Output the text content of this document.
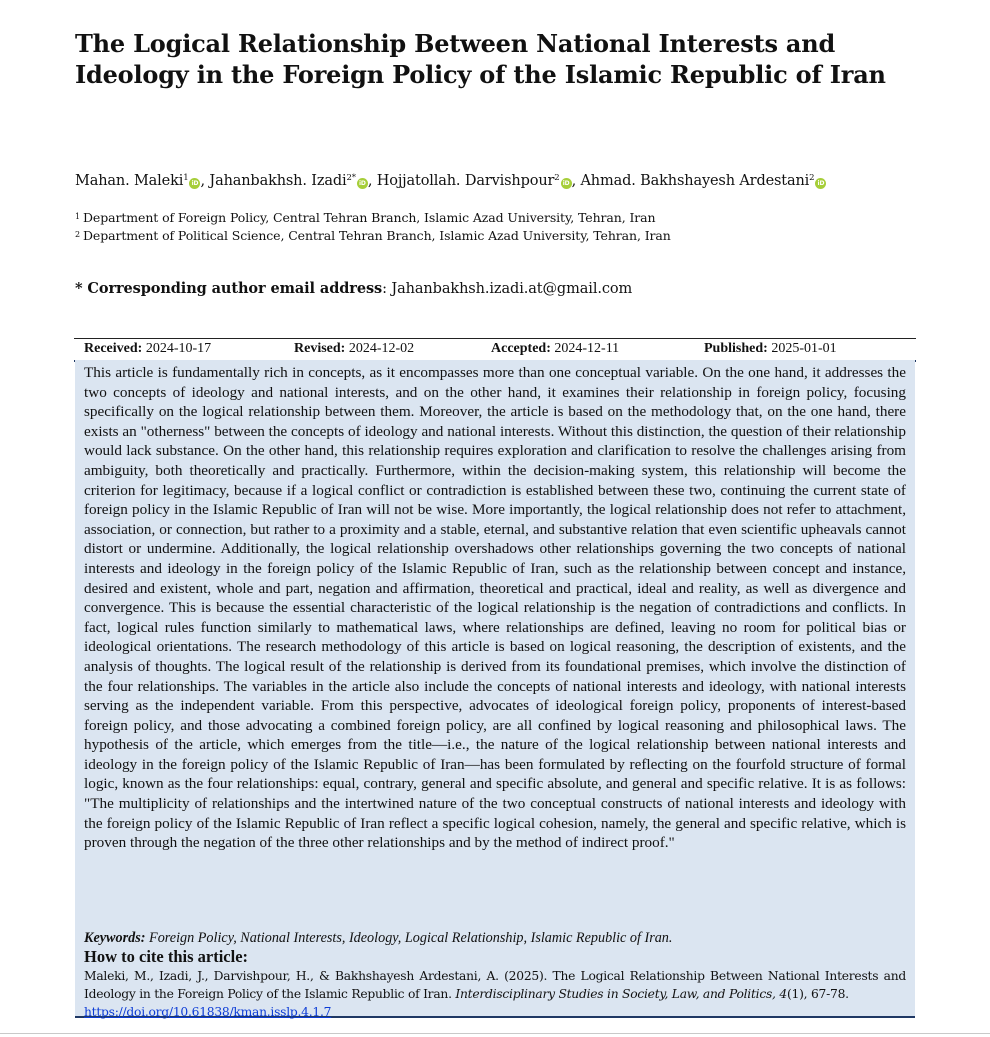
The Logical Relationship Between National Interests and Ideology in the Foreign Policy of the Islamic Republic of Iran
Mahan. Maleki$^1$iD , Jahanbakhsh. Izadi$^{2*}$iD , Hojjatollah. Darvishpour$^2$iD , Ahmad. Bakhshayesh Ardestani$^2$iD
$^1$ Department of Foreign Policy, Central Tehran Branch, Islamic Azad University, Tehran, Iran
$^2$ Department of Political Science, Central Tehran Branch, Islamic Azad University, Tehran, Iran
* Corresponding author email address: Jahanbakhsh.izadi.at@gmail.com
Received: 2024-10-17	Revised: 2024-12-02	Accepted: 2024-12-11	Published: 2025-01-01

This article is fundamentally rich in concepts, as it encompasses more than one conceptual variable. On the one hand, it addresses the two concepts of ideology and national interests, and on the other hand, it examines their relationship in foreign policy, focusing specifically on the logical relationship between them. Moreover, the article is based on the methodology that, on the one hand, there exists an "otherness" between the concepts of ideology and national interests. Without this distinction, the question of their relationship would lack substance. On the other hand, this relationship requires exploration and clarification to resolve the challenges arising from ambiguity, both theoretically and practically. Furthermore, within the decision-making system, this relationship will become the criterion for legitimacy, because if a logical conflict or contradiction is established between these two, continuing the current state of foreign policy in the Islamic Republic of Iran will not be wise. More importantly, the logical relationship does not refer to attachment, association, or connection, but rather to a proximity and a stable, eternal, and substantive relation that even scientific upheavals cannot distort or undermine. Additionally, the logical relationship overshadows other relationships governing the two concepts of national interests and ideology in the foreign policy of the Islamic Republic of Iran, such as the relationship between concept and instance, desired and existent, whole and part, negation and affirmation, theoretical and practical, ideal and reality, as well as divergence and convergence. This is because the essential characteristic of the logical relationship is the negation of contradictions and conflicts. In fact, logical rules function similarly to mathematical laws, where relationships are defined, leaving no room for political bias or ideological orientations. The research methodology of this article is based on logical reasoning, the description of existents, and the analysis of thoughts. The logical result of the relationship is derived from its foundational premises, which involve the distinction of the four relationships. The variables in the article also include the concepts of national interests and ideology, with national interests serving as the independent variable. From this perspective, advocates of ideological foreign policy, proponents of interest-based foreign policy, and those advocating a combined foreign policy, are all confined by logical reasoning and philosophical laws. The hypothesis of the article, which emerges from the title—i.e., the nature of the logical relationship between national interests and ideology in the foreign policy of the Islamic Republic of Iran—has been formulated by reflecting on the fourfold structure of formal logic, known as the four relationships: equal, contrary, general and specific absolute, and general and specific relative. It is as follows: "The multiplicity of relationships and the intertwined nature of the two conceptual constructs of national interests and ideology with the foreign policy of the Islamic Republic of Iran reflect a specific logical cohesion, namely, the general and specific relative, which is proven through the negation of the three other relationships and by the method of indirect proof."

Keywords: Foreign Policy, National Interests, Ideology, Logical Relationship, Islamic Republic of Iran.
How to cite this article:
Maleki, M., Izadi, J., Darvishpour, H., & Bakhshayesh Ardestani, A. (2025). The Logical Relationship Between National Interests and Ideology in the Foreign Policy of the Islamic Republic of Iran. Interdisciplinary Studies in Society, Law, and Politics, 4(1), 67-78.
https://doi.org/10.61838/kman.isslp.4.1.7
